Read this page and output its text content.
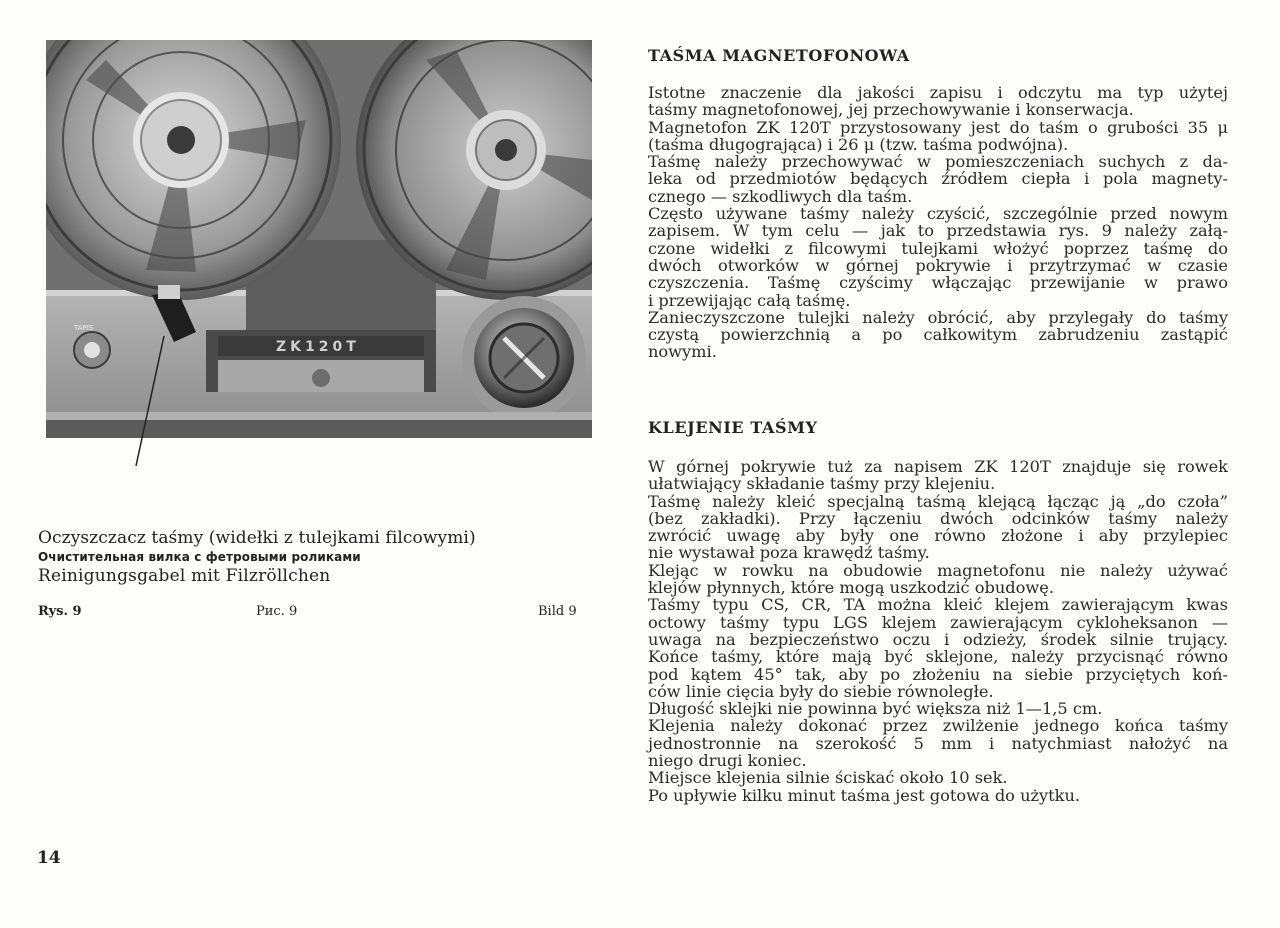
ZK120T
TAPIS
Oczyszczacz taśmy (widełki z tulejkami filcowymi)
Очистительная вилка с фетровыми роликами
Reinigungsgabel mit Filzröllchen
Rys. 9	Рис. 9	Bild 9
14
TAŚMA MAGNETOFONOWA
Istotne znaczenie dla jakości zapisu i odczytu ma typ użytej
taśmy magnetofonowej, jej przechowywanie i konserwacja.
Magnetofon ZK 120T przystosowany jest do taśm o grubości 35 μ
(taśma długogrająca) i 26 μ (tzw. taśma podwójna).
Taśmę należy przechowywać w pomieszczeniach suchych z da-
leka od przedmiotów będących źródłem ciepła i pola magnety-
cznego — szkodliwych dla taśm.
Często używane taśmy należy czyścić, szczególnie przed nowym
zapisem. W tym celu — jak to przedstawia rys. 9 należy załą-
czone widełki z filcowymi tulejkami włożyć poprzez taśmę do
dwóch otworków w górnej pokrywie i przytrzymać w czasie
czyszczenia. Taśmę czyścimy włączając przewijanie w prawo
i przewijając całą taśmę.
Zanieczyszczone tulejki należy obrócić, aby przylegały do taśmy
czystą powierzchnią a po całkowitym zabrudzeniu zastąpić
nowymi.
KLEJENIE TAŚMY
W górnej pokrywie tuż za napisem ZK 120T znajduje się rowek
ułatwiający składanie taśmy przy klejeniu.
Taśmę należy kleić specjalną taśmą klejącą łącząc ją „do czoła”
(bez zakładki). Przy łączeniu dwóch odcinków taśmy należy
zwrócić uwagę aby były one równo złożone i aby przylepiec
nie wystawał poza krawędź taśmy.
Klejąc w rowku na obudowie magnetofonu nie należy używać
klejów płynnych, które mogą uszkodzić obudowę.
Taśmy typu CS, CR, TA można kleić klejem zawierającym kwas
octowy taśmy typu LGS klejem zawierającym cykloheksanon —
uwaga na bezpieczeństwo oczu i odzieży, środek silnie trujący.
Końce taśmy, które mają być sklejone, należy przycisnąć równo
pod kątem 45° tak, aby po złożeniu na siebie przyciętych koń-
ców linie cięcia były do siebie równoległe.
Długość sklejki nie powinna być większa niż 1—1,5 cm.
Klejenia należy dokonać przez zwilżenie jednego końca taśmy
jednostronnie na szerokość 5 mm i natychmiast nałożyć na
niego drugi koniec.
Miejsce klejenia silnie ściskać około 10 sek.
Po upływie kilku minut taśma jest gotowa do użytku.
